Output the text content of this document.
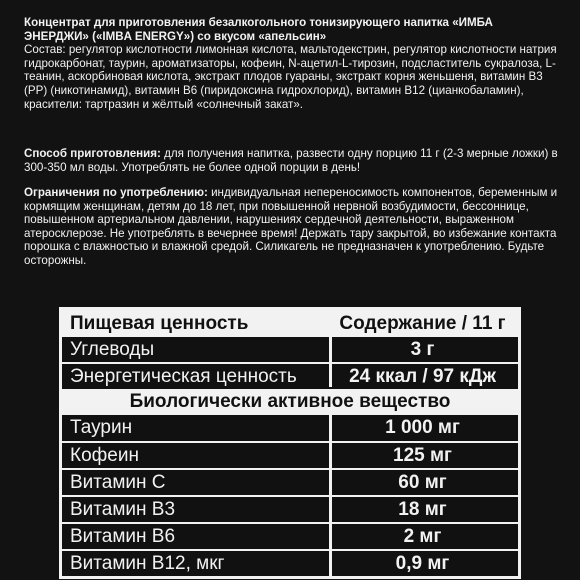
Концентрат для приготовления безалкогольного тонизирующего напитка «ИМБА ЭНЕРДЖИ» («IMBA ENERGY») со вкусом «апельсин»
Состав: регулятор кислотности лимонная кислота, мальтодекстрин, регулятор кислотности натрия гидрокарбонат, таурин, ароматизаторы, кофеин, N-ацетил-L-тирозин, подсластитель сукралоза, L-теанин, аскорбиновая кислота, экстракт плодов гуараны, экстракт корня женьшеня, витамин В3 (РР) (никотинамид), витамин В6 (пиридоксина гидрохлорид), витамин В12 (цианкобаламин), красители: тартразин и жёлтый «солнечный закат».

Способ приготовления: для получения напитка, развести одну порцию 11 г (2-3 мерные ложки) в 300-350 мл воды. Употреблять не более одной порции в день!

Ограничения по употреблению: индивидуальная непереносимость компонентов, беременным и кормящим женщинам, детям до 18 лет, при повышенной нервной возбудимости, бессоннице, повышенном артериальном давлении, нарушениях сердечной деятельности, выраженном атеросклерозе. Не употреблять в вечернее время! Держать тару закрытой, во избежание контакта порошка с влажностью и влажной средой. Силикагель не предназначен к употреблению. Будьте осторожны.

Пищевая ценность	Содержание / 11 г
Углеводы	3 г
Энергетическая ценность	24 ккал / 97 кДж
Биологически активное вещество
Таурин	1 000 мг
Кофеин	125 мг
Витамин С	60 мг
Витамин В3	18 мг
Витамин В6	2 мг
Витамин В12, мкг	0,9 мг
